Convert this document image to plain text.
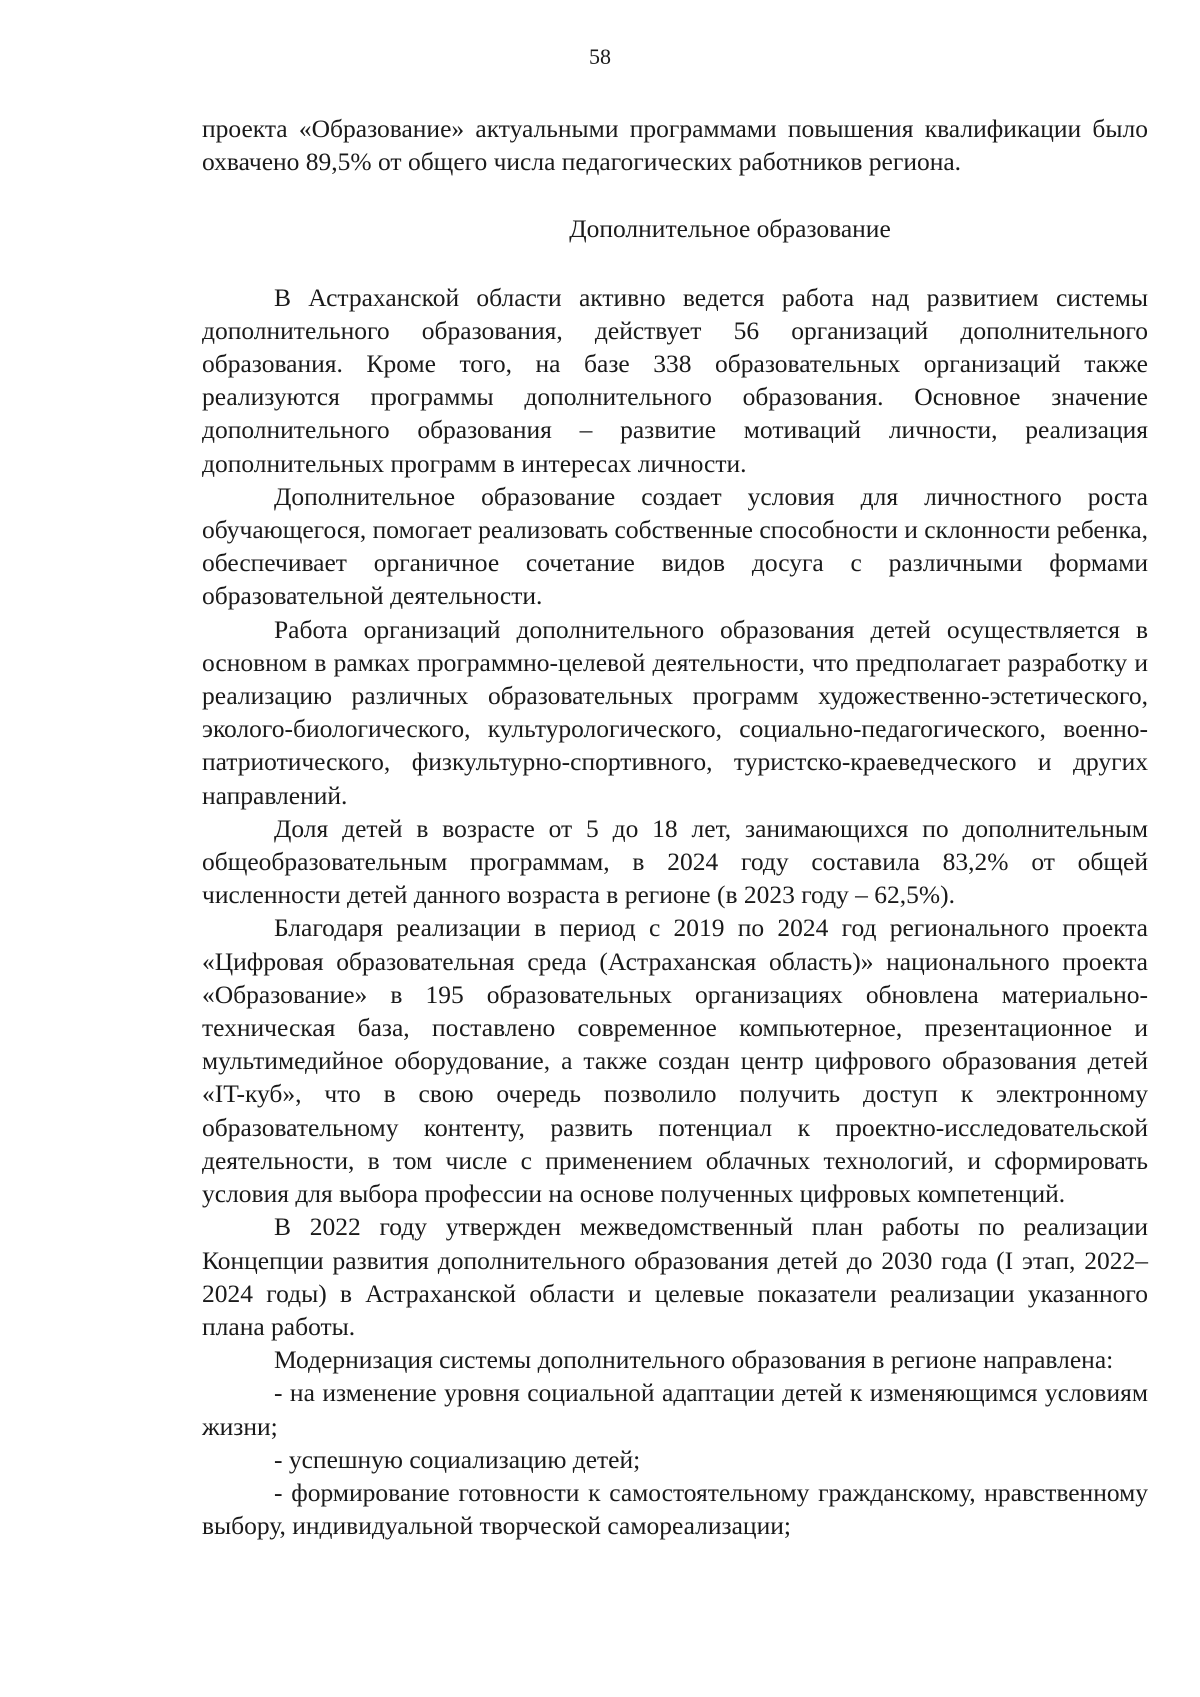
58

проекта «Образование» актуальными программами повышения квалификации было охвачено 89,5% от общего числа педагогических работников региона.

Дополнительное образование

В Астраханской области активно ведется работа над развитием системы дополнительного образования, действует 56 организаций дополнительного образования. Кроме того, на базе 338 образовательных организаций также реализуются программы дополнительного образования. Основное значение дополнительного образования – развитие мотиваций личности, реализация дополнительных программ в интересах личности.

Дополнительное образование создает условия для личностного роста обучающегося, помогает реализовать собственные способности и склонности ребенка, обеспечивает органичное сочетание видов досуга с различными формами образовательной деятельности.

Работа организаций дополнительного образования детей осуществляется в основном в рамках программно-целевой деятельности, что предполагает разработку и реализацию различных образовательных программ художественно-эстетического, эколого-биологического, культурологического, социально-педагогического, военно-патриотического, физкультурно-спортивного, туристско-краеведческого и других направлений.

Доля детей в возрасте от 5 до 18 лет, занимающихся по дополнительным общеобразовательным программам, в 2024 году составила 83,2% от общей численности детей данного возраста в регионе (в 2023 году – 62,5%).

Благодаря реализации в период с 2019 по 2024 год регионального проекта «Цифровая образовательная среда (Астраханская область)» национального проекта «Образование» в 195 образовательных организациях обновлена материально-техническая база, поставлено современное компьютерное, презентационное и мультимедийное оборудование, а также создан центр цифрового образования детей «IT-куб», что в свою очередь позволило получить доступ к электронному образовательному контенту, развить потенциал к проектно-исследовательской деятельности, в том числе с применением облачных технологий, и сформировать условия для выбора профессии на основе полученных цифровых компетенций.

В 2022 году утвержден межведомственный план работы по реализации Концепции развития дополнительного образования детей до 2030 года (I этап, 2022–2024 годы) в Астраханской области и целевые показатели реализации указанного плана работы.

Модернизация системы дополнительного образования в регионе направлена:

- на изменение уровня социальной адаптации детей к изменяющимся условиям жизни;

- успешную социализацию детей;

- формирование готовности к самостоятельному гражданскому, нравственному выбору, индивидуальной творческой самореализации;
